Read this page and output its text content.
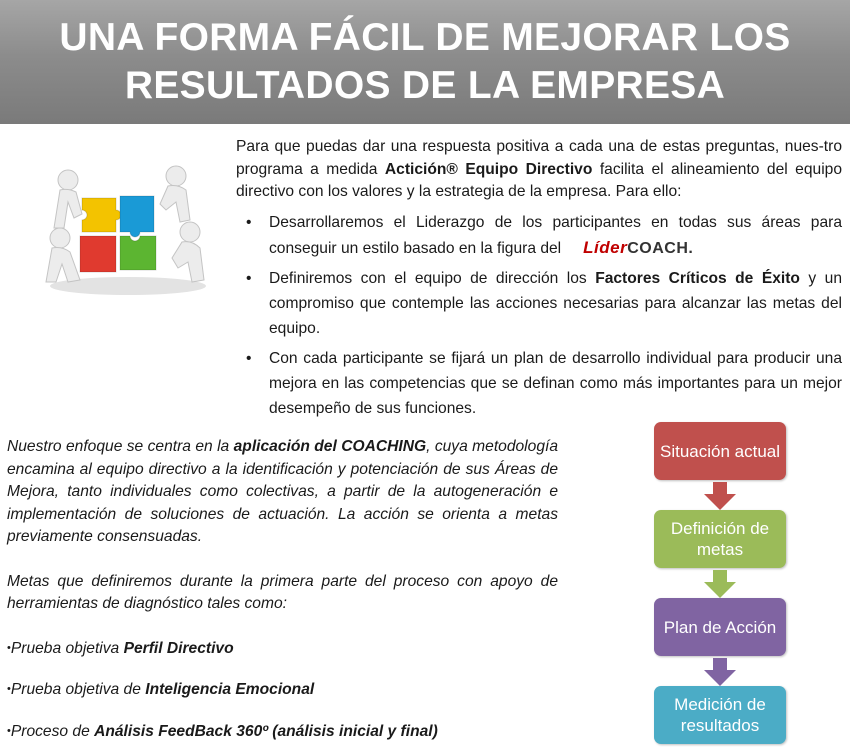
UNA FORMA FÁCIL DE MEJORAR LOS
RESULTADOS DE LA EMPRESA

Para que puedas dar una respuesta positiva a cada una de estas preguntas, nues-tro programa a medida Actición® Equipo Directivo facilita el alineamiento del equipo directivo con los valores y la estrategia de la empresa. Para ello:

• Desarrollaremos el Liderazgo de los participantes en todas sus áreas para conseguir un estilo basado en la figura del LíderCOACH.
• Definiremos con el equipo de dirección los Factores Críticos de Éxito y un compromiso que contemple las acciones necesarias para alcanzar las metas del equipo.
• Con cada participante se fijará un plan de desarrollo individual para producir una mejora en las competencias que se definan como más importantes para un mejor desempeño de sus funciones.

Nuestro enfoque se centra en la aplicación del COACHING, cuya metodología encamina al equipo directivo a la identificación y potenciación de sus Áreas de Mejora, tanto individuales como colectivas, a partir de la autogeneración e implementación de soluciones de actuación. La acción se orienta a metas previamente consensuadas.

Metas que definiremos durante la primera parte del proceso con apoyo de herramientas de diagnóstico tales como:

•Prueba objetiva Perfil Directivo
•Prueba objetiva de Inteligencia Emocional
•Proceso de Análisis FeedBack 360º (análisis inicial y final)
Situación actual
Definición de metas
Plan de Acción
Medición de resultados
